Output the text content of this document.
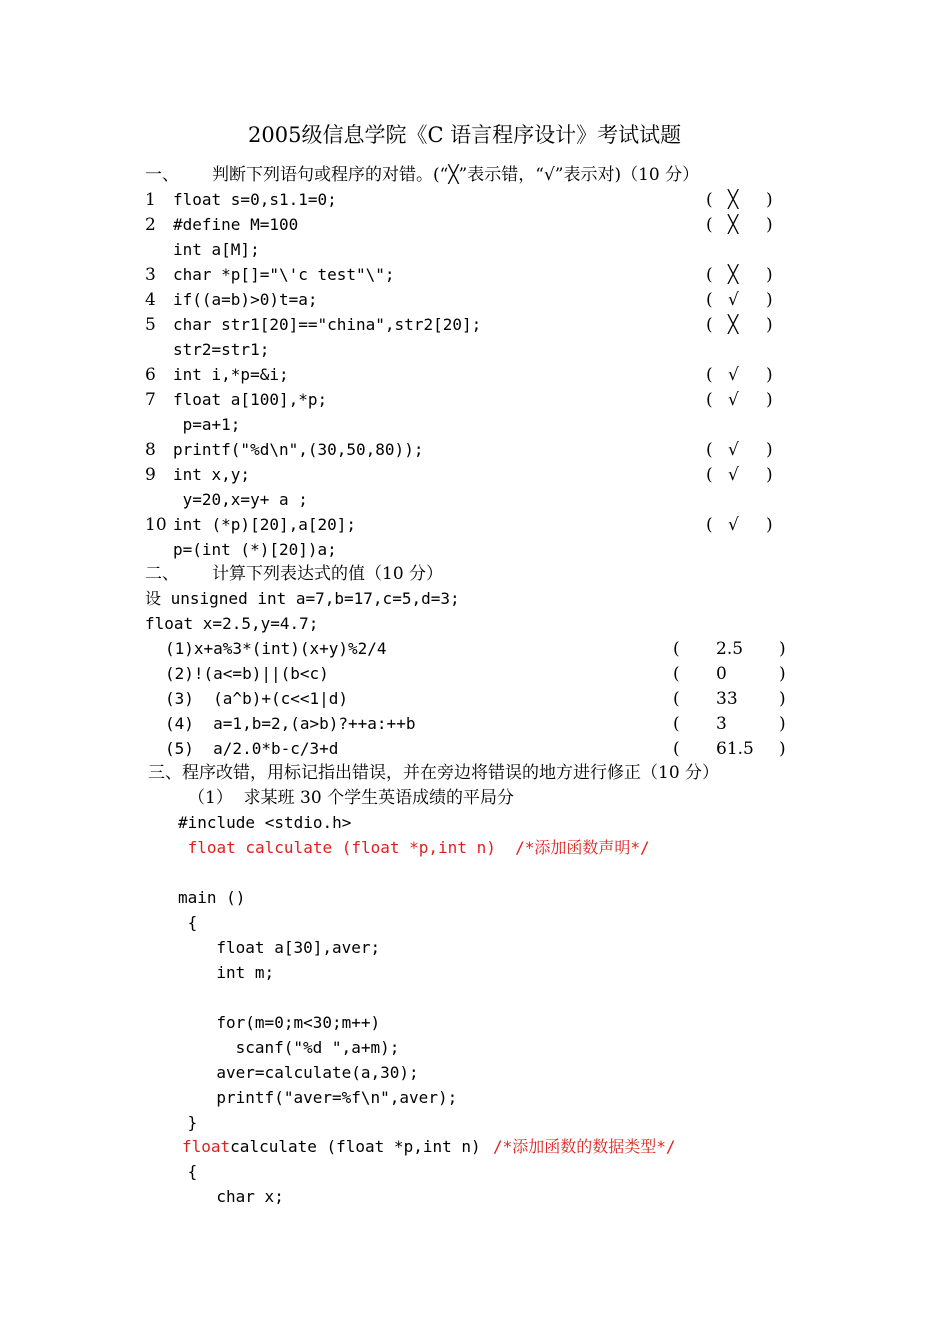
2005级信息学院《C 语言程序设计》考试试题
一、 判断下列语句或程序的对错。(“╳”表示错，“√”表示对)（10 分）
1 float s=0,s1.1=0;	( ╳ )
2 #define M=100
int a[M];
( ╳ )
3 char *p[]="\'c test"\";	( ╳ )
4 if((a=b)>0)t=a;	( √ )
5 char str1[20]=="china",str2[20];
str2=str1;
( ╳ )
6 int i,*p=&i;	( √ )
7 float a[100],*p;
p=a+1;
( √ )
8 printf("%d\n",(30,50,80));	( √ )
9 int x,y;
y=20,x=y+ a ;
( √ )
10 int (*p)[20],a[20];
p=(int (*)[20])a;
( √ )
二、 计算下列表达式的值（10 分）
设 unsigned int a=7,b=17,c=5,d=3;
float x=2.5,y=4.7;
(1)x+a%3*(int)(x+y)%2/4	( 2.5 )
(2)!(a<=b)||(b<c)	( 0	)
(3)  (a^b)+(c<<1|d)	( 33 )
(4)  a=1,b=2,(a>b)?++a:++b	( 3	)
(5)  a/2.0*b-c/3+d	( 61.5 )
三、程序改错，用标记指出错误，并在旁边将错误的地方进行修正（10 分）
（1）  求某班 30 个学生英语成绩的平局分
#include <stdio.h>
float calculate (float *p,int n)  /*添加函数声明*/
main ()
{
float a[30],aver;
int m;
for(m=0;m<30;m++)
scanf("%d ",a+m);
aver=calculate(a,30);
printf("aver=%f\n",aver);
}
floatcalculate (float *p,int n) /*添加函数的数据类型*/
{
char x;
